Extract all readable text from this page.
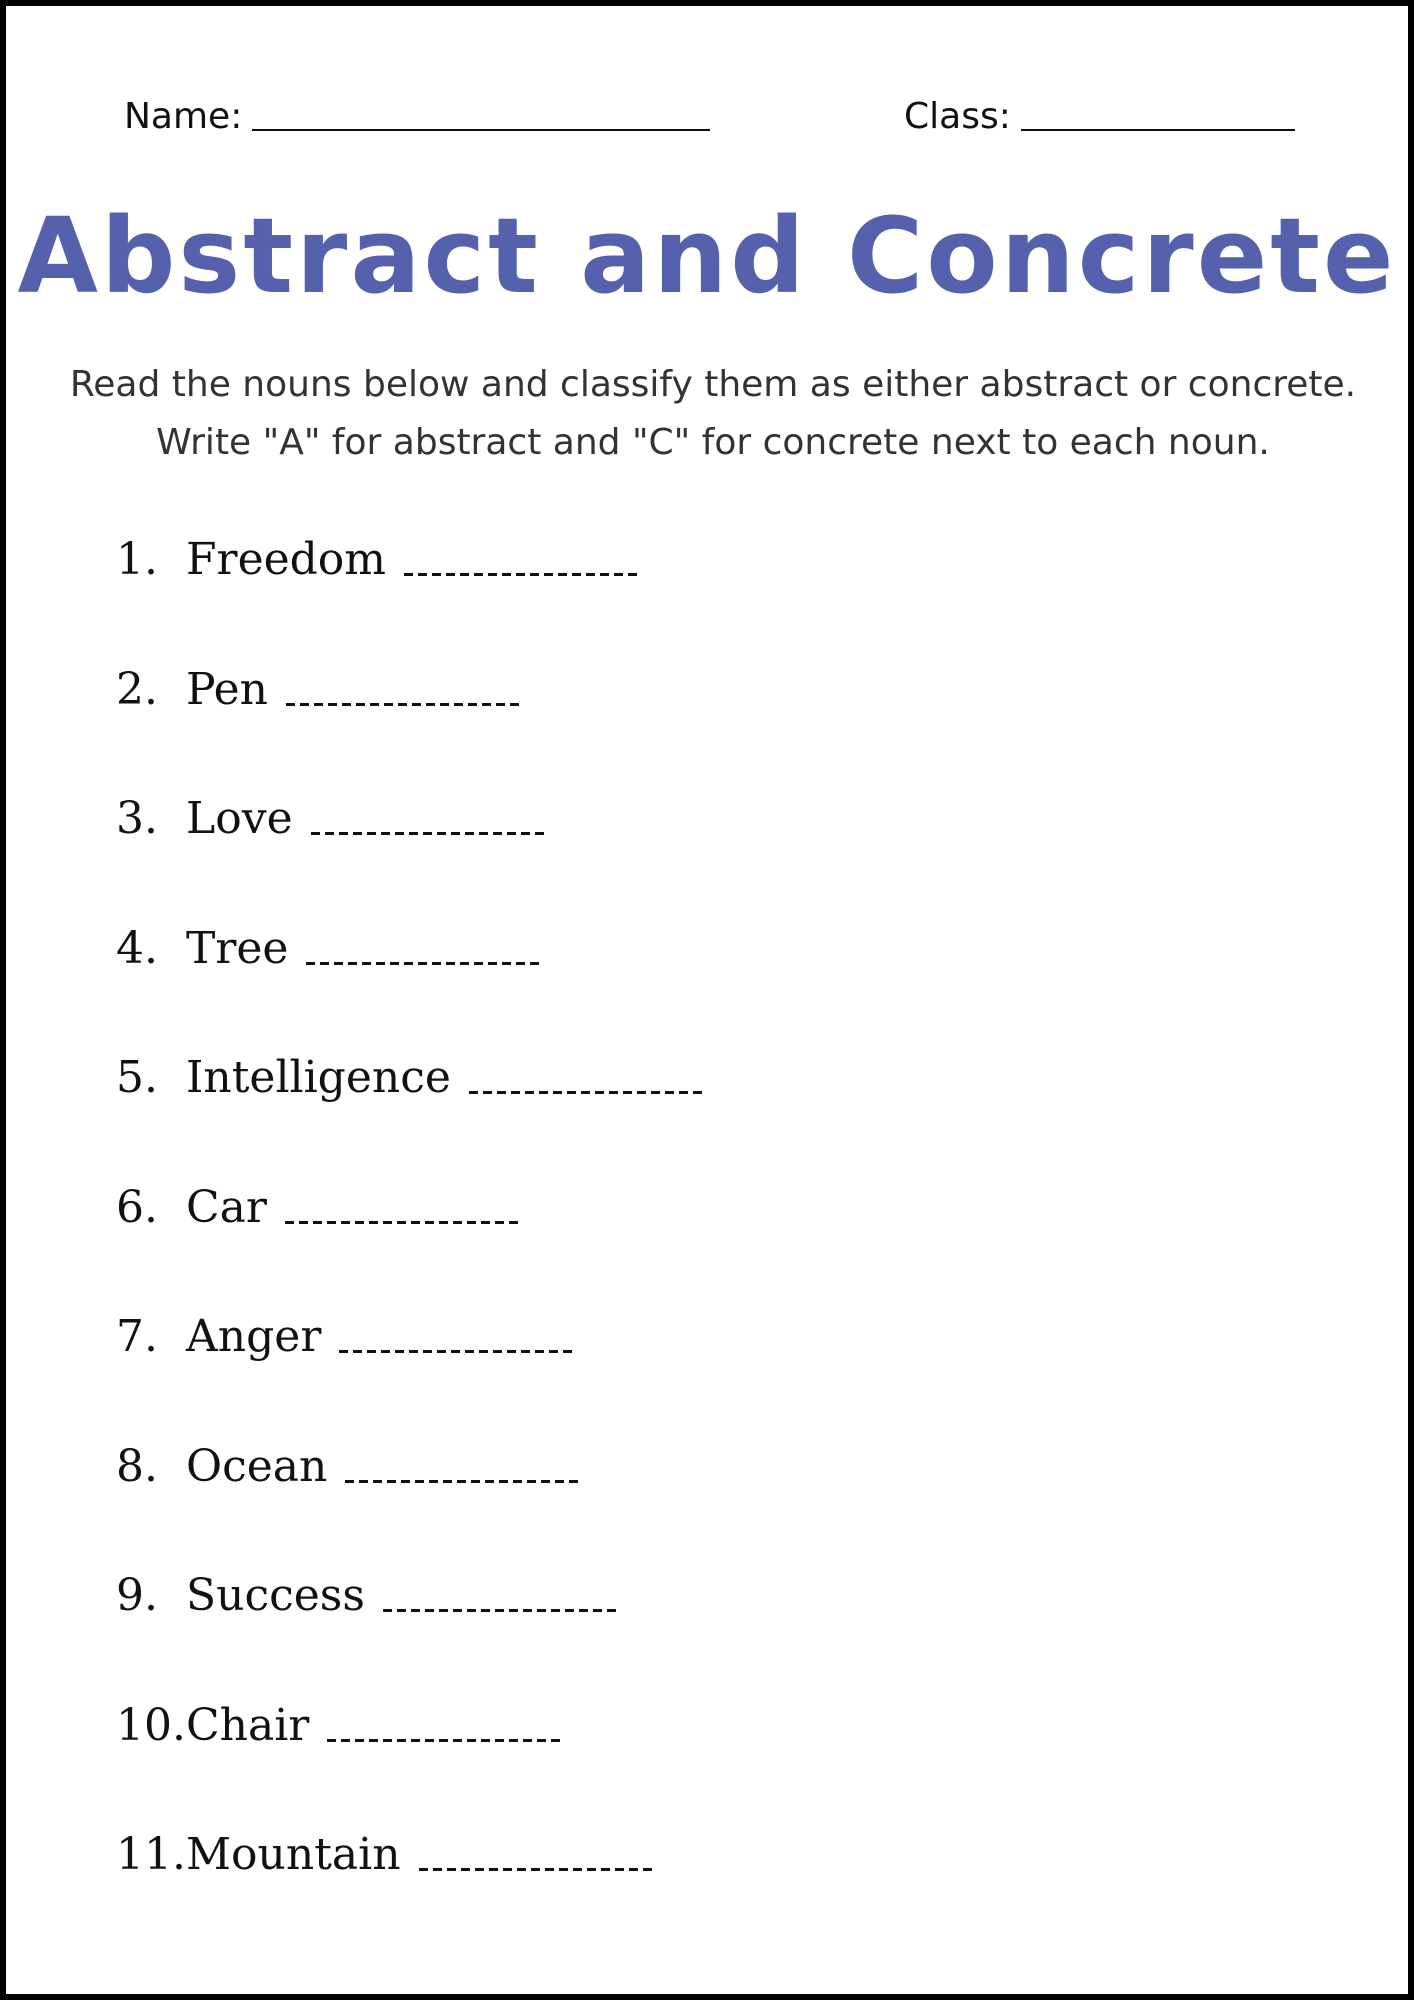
Name:	Class:
Abstract and Concrete

Read the nouns below and classify them as either abstract or concrete.

Write "A" for abstract and "C" for concrete next to each noun.

1. Freedom
2. Pen
3. Love
4. Tree
5. Intelligence
6. Car
7. Anger
8. Ocean
9. Success
10. Chair
11. Mountain
